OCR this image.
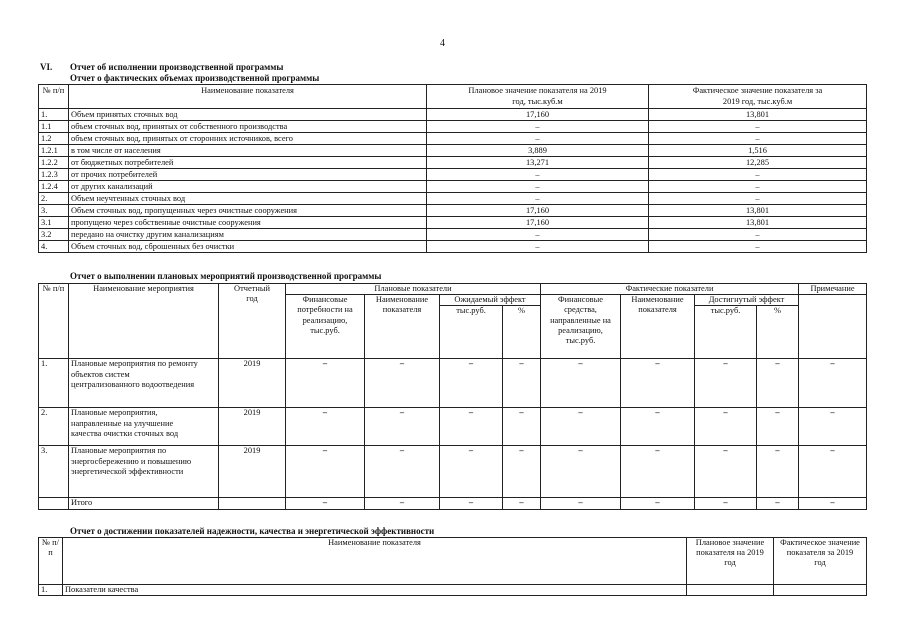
4
VI. Отчет об исполнении производственной программы
Отчет о фактических объемах производственной программы
№ п/п	Наименование показателя	Плановое значение показателя на 2019 год, тыс.куб.м	Фактическое значение показателя за 2019 год, тыс.куб.м
1.	Объем принятых сточных вод	17,160	13,801
1.1	объем сточных вод, принятых от собственного производства	–	–
1.2	объем сточных вод, принятых от сторонних источников, всего	–	–
1.2.1	в том числе от населения	3,889	1,516
1.2.2	от бюджетных потребителей	13,271	12,285
1.2.3	от прочих потребителей	–	–
1.2.4	от других канализаций	–	–
2.	Объем неучтенных сточных вод	–	–
3.	Объем сточных вод, пропущенных через очистные сооружения	17,160	13,801
3.1	пропущено через собственные очистные сооружения	17,160	13,801
3.2	передано на очистку другим канализациям	–	–
4.	Объем сточных вод, сброшенных без очистки	–	–
Отчет о выполнении плановых мероприятий производственной программы
№ п/п	Наименование мероприятия	Отчетный год	Плановые показатели				Фактические показатели				Примечание
			Финансовые потребности на реализацию, тыс.руб.	Наименование показателя	Ожидаемый эффект		Финансовые средства, направленные на реализацию, тыс.руб.	Наименование показателя	Достигнутый эффект		
					тыс.руб.	%			тыс.руб.	%	
1.	Плановые мероприятия по ремонту объектов систем централизованного водоотведения	2019	–	–	–	–	–	–	–	–	–
2.	Плановые мероприятия, направленные на улучшение качества очистки сточных вод	2019	–	–	–	–	–	–	–	–	–
3.	Плановые мероприятия по энергосбережению и повышению энергетической эффективности	2019	–	–	–	–	–	–	–	–	–
	Итого		–	–	–	–	–	–	–	–	–
Отчет о достижении показателей надежности, качества и энергетической эффективности
№ п/п	Наименование показателя	Плановое значение показателя на 2019 год	Фактическое значение показателя за 2019 год
1.	Показатели качества		
